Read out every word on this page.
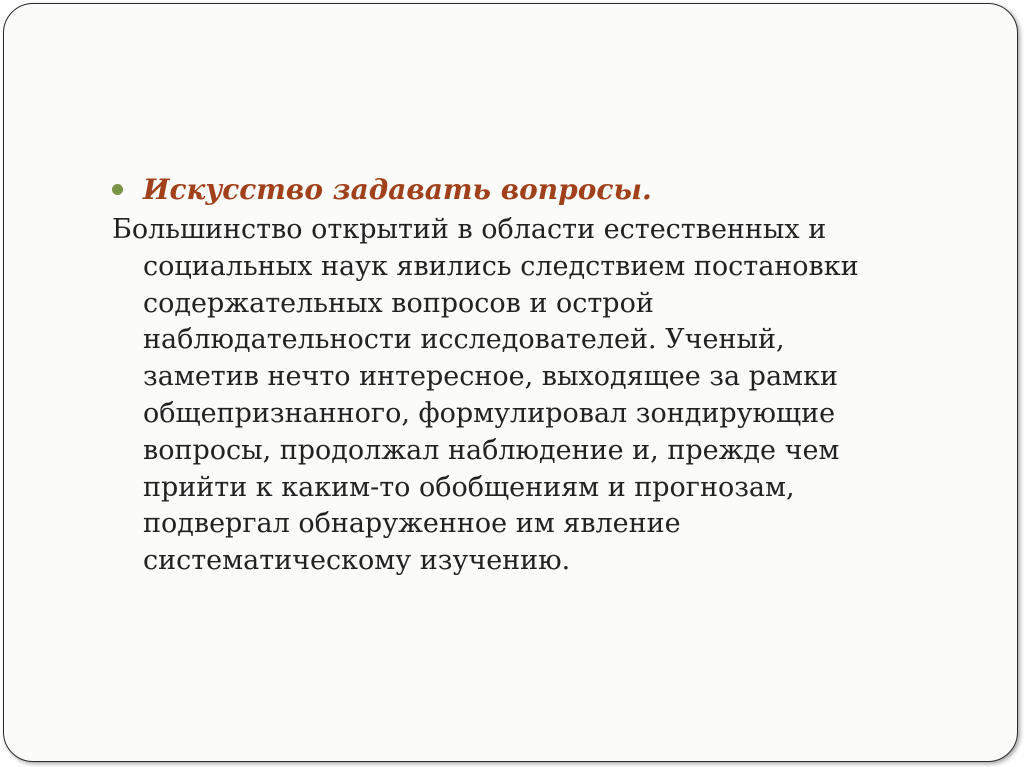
Искусство задавать вопросы.
Большинство открытий в области естественных и
социальных наук явились следствием постановки
содержательных вопросов и острой
наблюдательности исследователей. Ученый,
заметив нечто интересное, выходящее за рамки
общепризнанного, формулировал зондирующие
вопросы, продолжал наблюдение и, прежде чем
прийти к каким-то обобщениям и прогнозам,
подвергал обнаруженное им явление
систематическому изучению.
